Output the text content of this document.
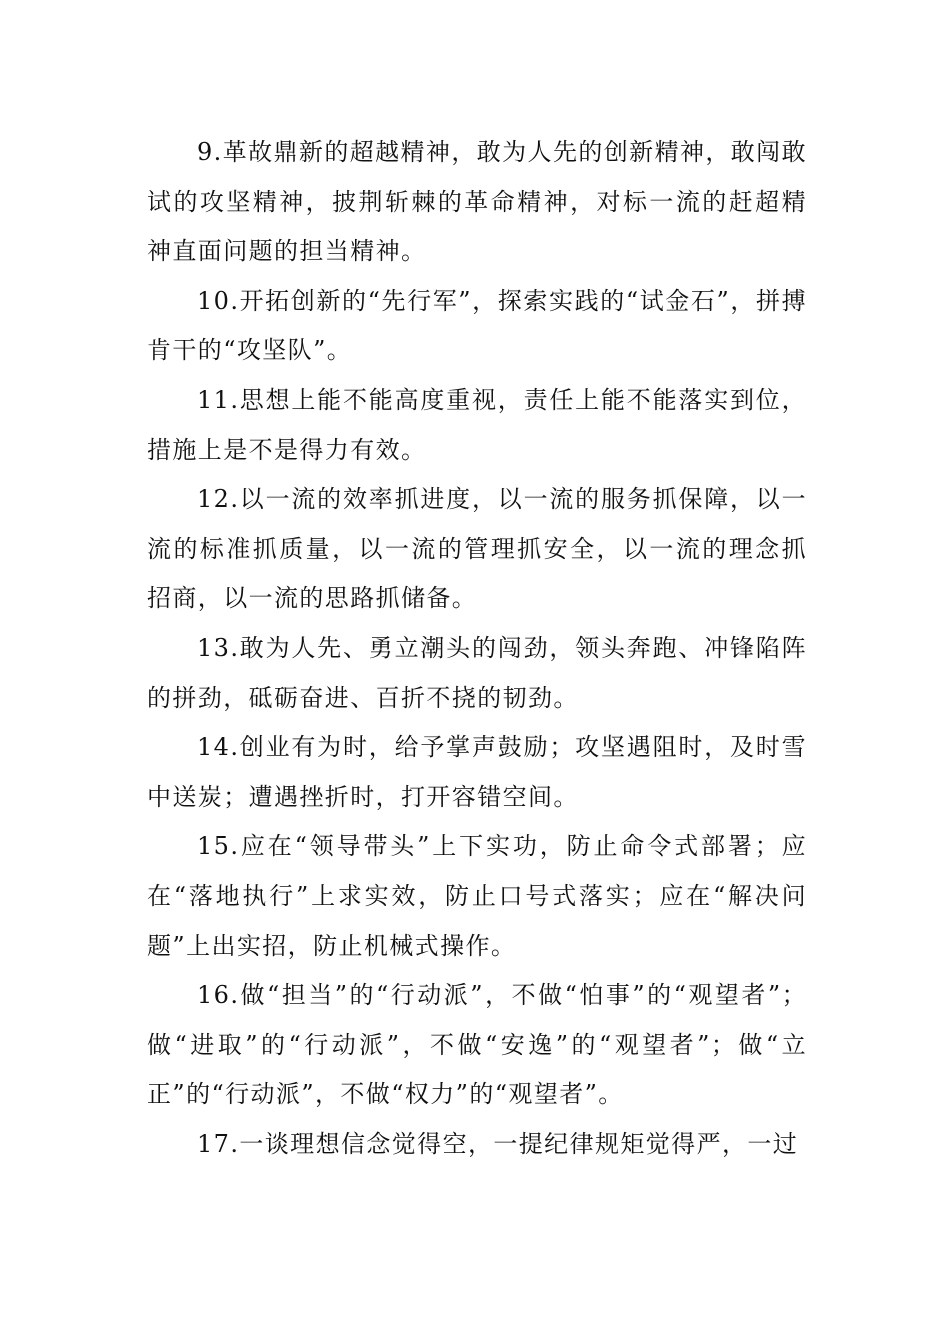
9.革故鼎新的超越精神，敢为人先的创新精神，敢闯敢试的攻坚精神，披荆斩棘的革命精神，对标一流的赶超精神直面问题的担当精神。

10.开拓创新的“先行军”，探索实践的“试金石”，拼搏肯干的“攻坚队”。

11.思想上能不能高度重视，责任上能不能落实到位，措施上是不是得力有效。

12.以一流的效率抓进度，以一流的服务抓保障，以一流的标准抓质量，以一流的管理抓安全，以一流的理念抓招商，以一流的思路抓储备。

13.敢为人先、勇立潮头的闯劲，领头奔跑、冲锋陷阵的拼劲，砥砺奋进、百折不挠的韧劲。

14.创业有为时，给予掌声鼓励；攻坚遇阻时，及时雪中送炭；遭遇挫折时，打开容错空间。

15.应在“领导带头”上下实功，防止命令式部署；应在“落地执行”上求实效，防止口号式落实；应在“解决问题”上出实招，防止机械式操作。

16.做“担当”的“行动派”，不做“怕事”的“观望者”；做“进取”的“行动派”，不做“安逸”的“观望者”；做“立正”的“行动派”，不做“权力”的“观望者”。

17.一谈理想信念觉得空，一提纪律规矩觉得严，一过
